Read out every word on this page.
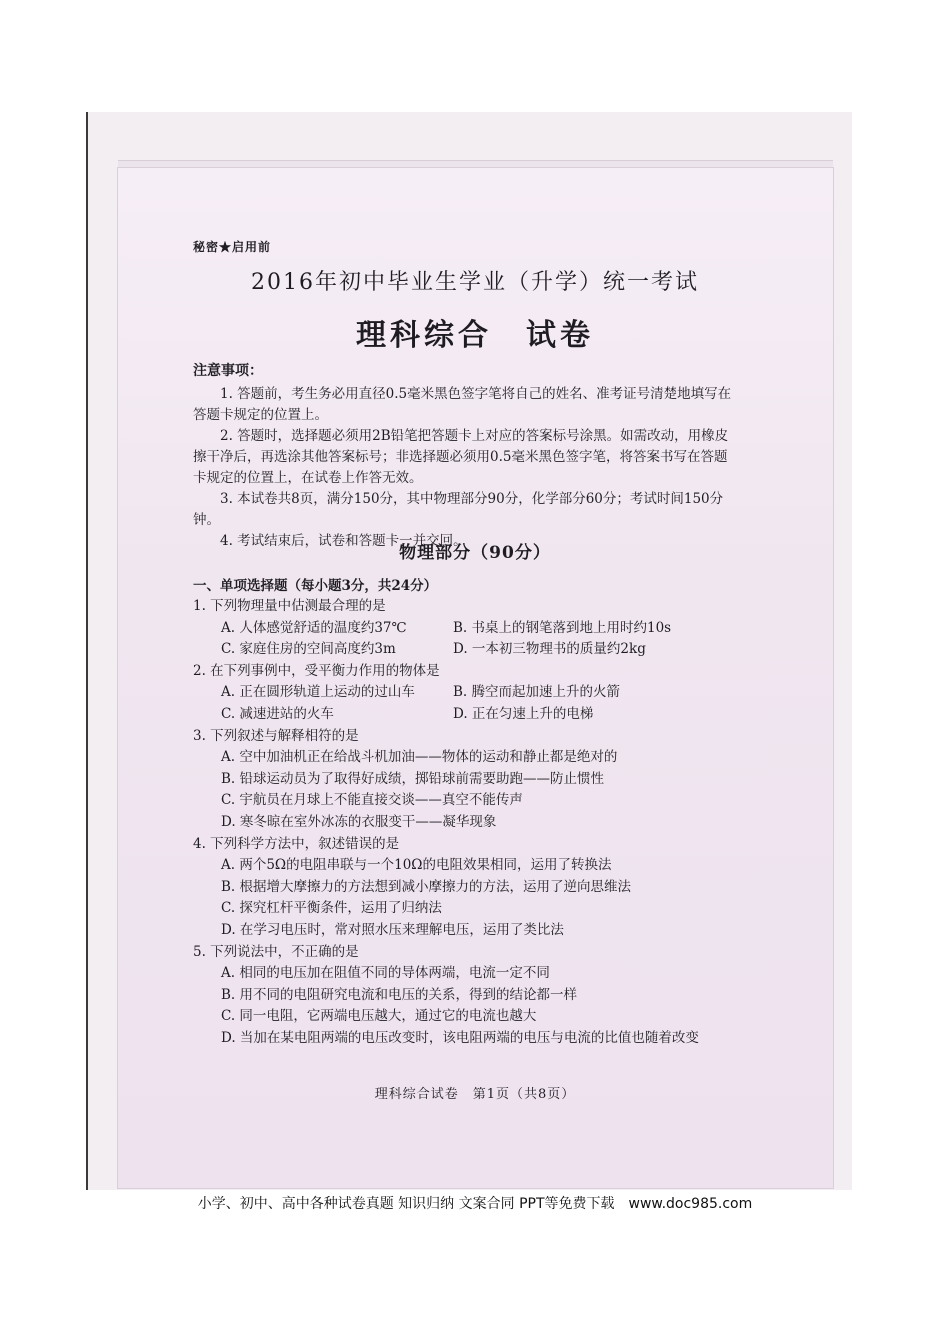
秘密★启用前
2016年初中毕业生学业（升学）统一考试
理科综合　试卷
注意事项：

1. 答题前，考生务必用直径0.5毫米黑色签字笔将自己的姓名、准考证号清楚地填写在答题卡规定的位置上。

2. 答题时，选择题必须用2B铅笔把答题卡上对应的答案标号涂黑。如需改动，用橡皮擦干净后，再选涂其他答案标号；非选择题必须用0.5毫米黑色签字笔，将答案书写在答题卡规定的位置上，在试卷上作答无效。

3. 本试卷共8页，满分150分，其中物理部分90分，化学部分60分；考试时间150分钟。

4. 考试结束后，试卷和答题卡一并交回。

物理部分（90分）
一、单项选择题（每小题3分，共24分）

1. 下列物理量中估测最合理的是

A. 人体感觉舒适的温度约37℃	B. 书桌上的钢笔落到地上用时约10s

C. 家庭住房的空间高度约3m	D. 一本初三物理书的质量约2kg

2. 在下列事例中，受平衡力作用的物体是

A. 正在圆形轨道上运动的过山车	B. 腾空而起加速上升的火箭

C. 减速进站的火车	D. 正在匀速上升的电梯

3. 下列叙述与解释相符的是

A. 空中加油机正在给战斗机加油——物体的运动和静止都是绝对的

B. 铅球运动员为了取得好成绩，掷铅球前需要助跑——防止惯性

C. 宇航员在月球上不能直接交谈——真空不能传声

D. 寒冬晾在室外冰冻的衣服变干——凝华现象

4. 下列科学方法中，叙述错误的是

A. 两个5Ω的电阻串联与一个10Ω的电阻效果相同，运用了转换法

B. 根据增大摩擦力的方法想到减小摩擦力的方法，运用了逆向思维法

C. 探究杠杆平衡条件，运用了归纳法

D. 在学习电压时，常对照水压来理解电压，运用了类比法

5. 下列说法中，不正确的是

A. 相同的电压加在阻值不同的导体两端，电流一定不同

B. 用不同的电阻研究电流和电压的关系，得到的结论都一样

C. 同一电阻，它两端电压越大，通过它的电流也越大

D. 当加在某电阻两端的电压改变时，该电阻两端的电压与电流的比值也随着改变

理科综合试卷　第1页（共8页）
小学、初中、高中各种试卷真题 知识归纳 文案合同 PPT等免费下载　www.doc985.com
